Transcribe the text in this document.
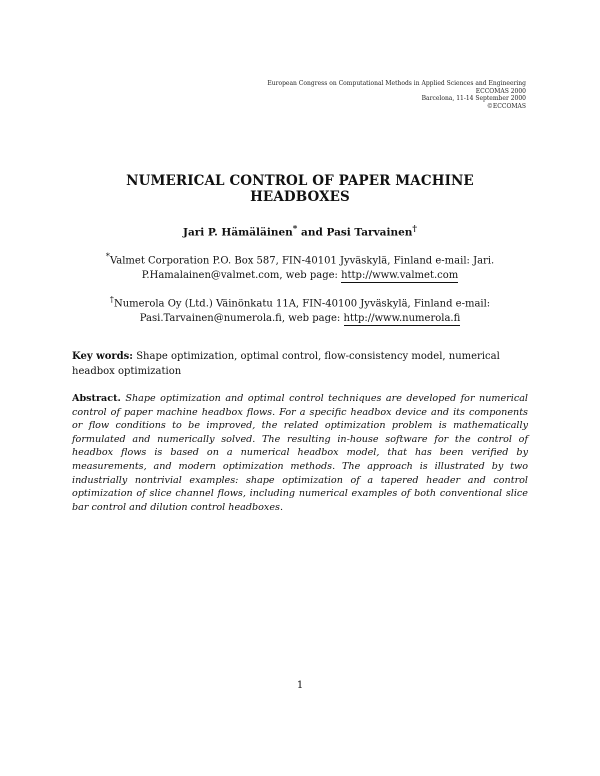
European Congress on Computational Methods in Applied Sciences and Engineering
ECCOMAS 2000
Barcelona, 11-14 September 2000
©ECCOMAS
NUMERICAL CONTROL OF PAPER MACHINE
HEADBOXES
Jari P. Hämäläinen* and Pasi Tarvainen†
*Valmet Corporation P.O. Box 587, FIN-40101 Jyväskylä, Finland e-mail: Jari.
P.Hamalainen@valmet.com, web page: http://www.valmet.com
†Numerola Oy (Ltd.) Väinönkatu 11A, FIN-40100 Jyväskylä, Finland e-mail:
Pasi.Tarvainen@numerola.fi, web page: http://www.numerola.fi
Key words: Shape optimization, optimal control, flow-consistency model, numerical headbox optimization
Abstract. Shape optimization and optimal control techniques are developed for numerical control of paper machine headbox flows. For a specific headbox device and its components or flow conditions to be improved, the related optimization problem is mathematically formulated and numerically solved. The resulting in-house software for the control of headbox flows is based on a numerical headbox model, that has been verified by measurements, and modern optimization methods. The approach is illustrated by two industrially nontrivial examples: shape optimization of a tapered header and control optimization of slice channel flows, including numerical examples of both conventional slice bar control and dilution control headboxes.
1
